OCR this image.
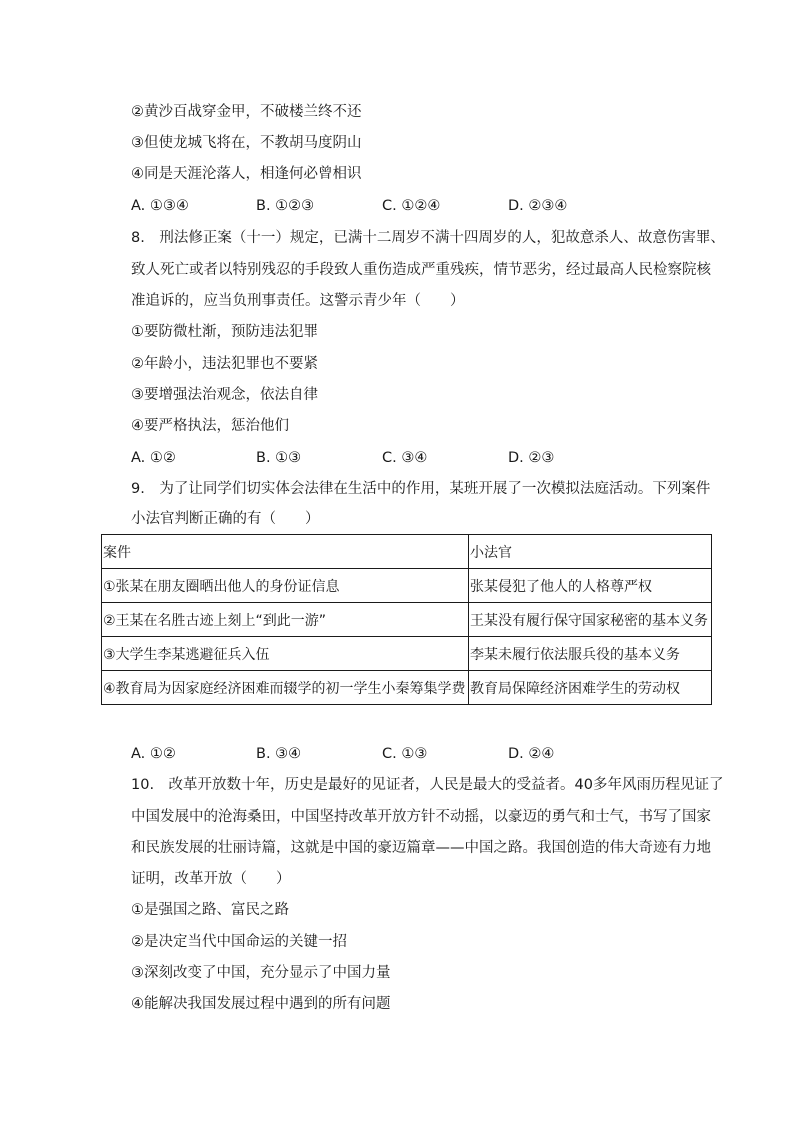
②黄沙百战穿金甲，不破楼兰终不还
③但使龙城飞将在，不教胡马度阴山
④同是天涯沦落人，相逢何必曾相识
A. ①③④	B. ①②③	C. ①②④	D. ②③④
8.　刑法修正案（十一）规定，已满十二周岁不满十四周岁的人，犯故意杀人、故意伤害罪、
致人死亡或者以特别残忍的手段致人重伤造成严重残疾，情节恶劣，经过最高人民检察院核
准追诉的，应当负刑事责任。这警示青少年（　　）
①要防微杜渐，预防违法犯罪
②年龄小，违法犯罪也不要紧
③要增强法治观念，依法自律
④要严格执法，惩治他们
A. ①②	B. ①③	C. ③④	D. ②③
9.　为了让同学们切实体会法律在生活中的作用，某班开展了一次模拟法庭活动。下列案件
小法官判断正确的有（　　）
案件	小法官
①张某在朋友圈晒出他人的身份证信息	张某侵犯了他人的人格尊严权
②王某在名胜古迹上刻上“到此一游”	王某没有履行保守国家秘密的基本义务
③大学生李某逃避征兵入伍	李某未履行依法服兵役的基本义务
④教育局为因家庭经济困难而辍学的初一学生小秦筹集学费	教育局保障经济困难学生的劳动权
A. ①②	B. ③④	C. ①③	D. ②④
10.　改革开放数十年，历史是最好的见证者，人民是最大的受益者。40多年风雨历程见证了
中国发展中的沧海桑田，中国坚持改革开放方针不动摇，以豪迈的勇气和士气，书写了国家
和民族发展的壮丽诗篇，这就是中国的豪迈篇章——中国之路。我国创造的伟大奇迹有力地
证明，改革开放（　　）
①是强国之路、富民之路
②是决定当代中国命运的关键一招
③深刻改变了中国，充分显示了中国力量
④能解决我国发展过程中遇到的所有问题
